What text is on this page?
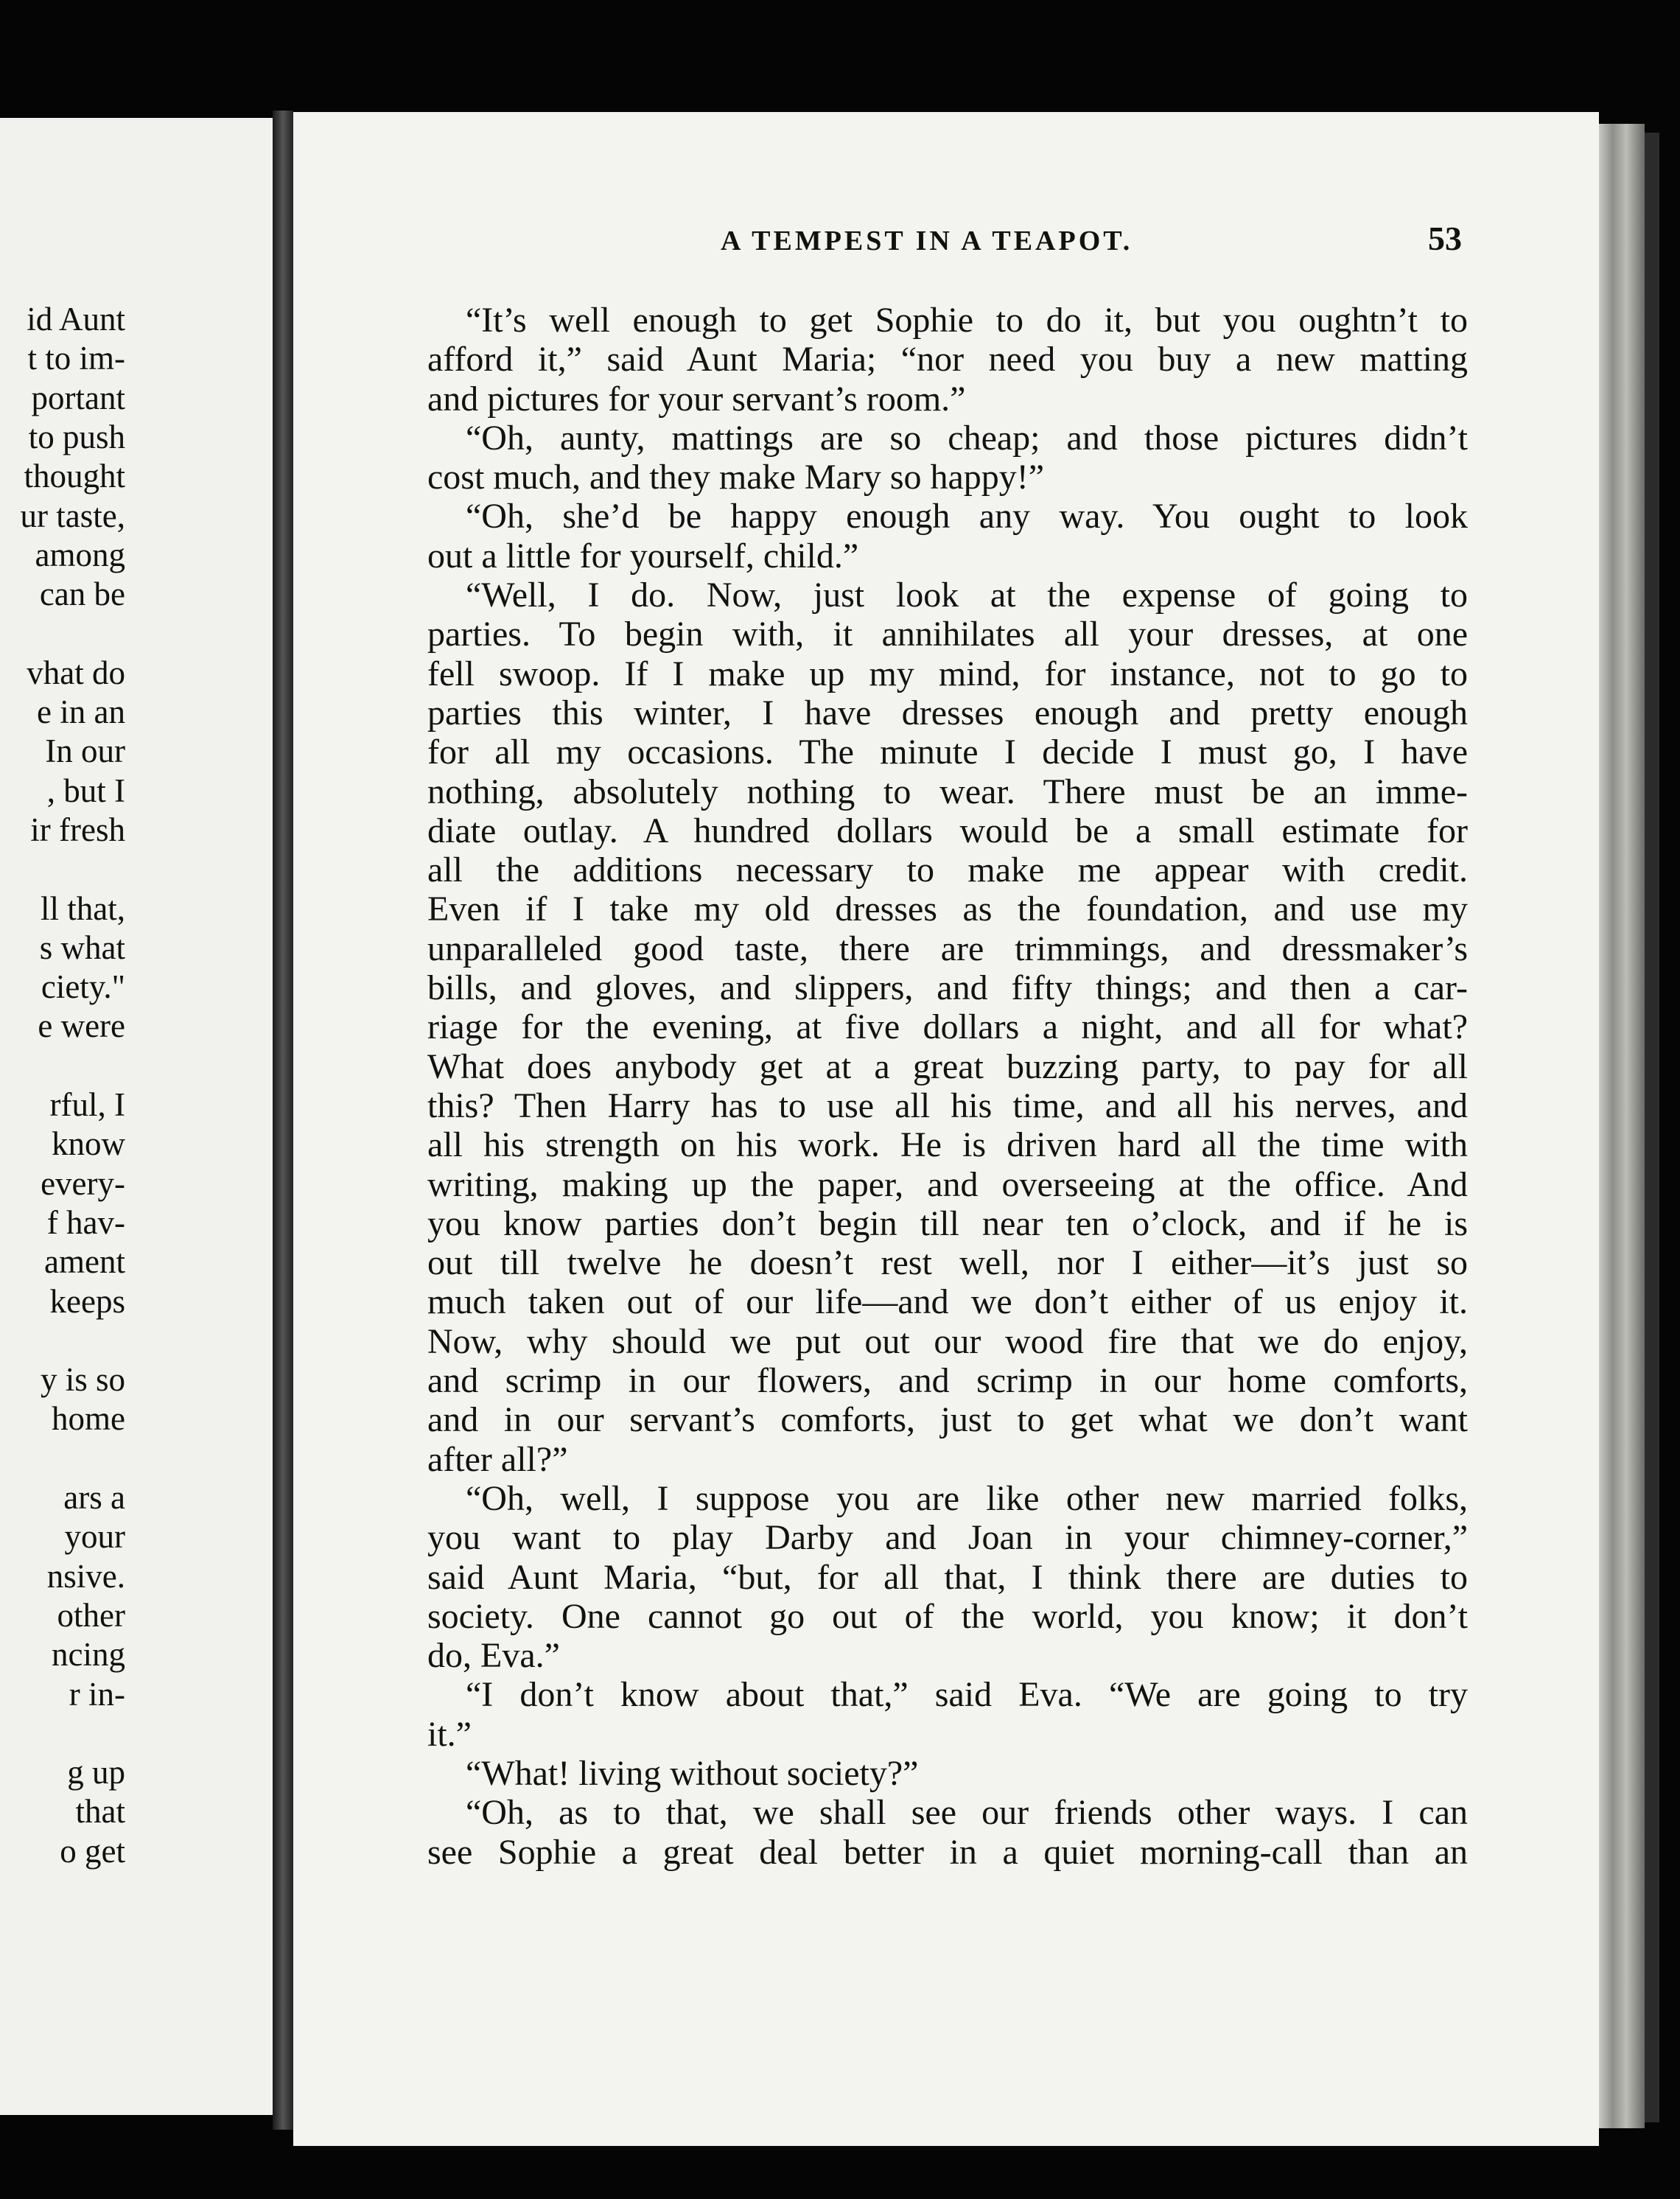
id Aunt
t to im-
portant
to push
thought
ur taste,
among
can be
vhat do
e in an
In our
, but I
ir fresh
ll that,
s what
ciety."
e were
rful, I
know
every-
f hav-
ament
keeps
y is so
home
ars a
your
nsive.
other
ncing
r in-
g up
that
o get
A TEMPEST IN A TEAPOT.	53
“It’s well enough to get Sophie to do it, but you oughtn’t to
afford it,” said Aunt Maria; “nor need you buy a new matting
and pictures for your servant’s room.”
“Oh, aunty, mattings are so cheap; and those pictures didn’t
cost much, and they make Mary so happy!”
“Oh, she’d be happy enough any way. You ought to look
out a little for yourself, child.”
“Well, I do. Now, just look at the expense of going to
parties. To begin with, it annihilates all your dresses, at one
fell swoop. If I make up my mind, for instance, not to go to
parties this winter, I have dresses enough and pretty enough
for all my occasions. The minute I decide I must go, I have
nothing, absolutely nothing to wear. There must be an imme-
diate outlay. A hundred dollars would be a small estimate for
all the additions necessary to make me appear with credit.
Even if I take my old dresses as the foundation, and use my
unparalleled good taste, there are trimmings, and dressmaker’s
bills, and gloves, and slippers, and fifty things; and then a car-
riage for the evening, at five dollars a night, and all for what?
What does anybody get at a great buzzing party, to pay for all
this? Then Harry has to use all his time, and all his nerves, and
all his strength on his work. He is driven hard all the time with
writing, making up the paper, and overseeing at the office. And
you know parties don’t begin till near ten o’clock, and if he is
out till twelve he doesn’t rest well, nor I either—it’s just so
much taken out of our life—and we don’t either of us enjoy it.
Now, why should we put out our wood fire that we do enjoy,
and scrimp in our flowers, and scrimp in our home comforts,
and in our servant’s comforts, just to get what we don’t want
after all?”
“Oh, well, I suppose you are like other new married folks,
you want to play Darby and Joan in your chimney-corner,”
said Aunt Maria, “but, for all that, I think there are duties to
society. One cannot go out of the world, you know; it don’t
do, Eva.”
“I don’t know about that,” said Eva. “We are going to try
it.”
“What! living without society?”
“Oh, as to that, we shall see our friends other ways. I can
see Sophie a great deal better in a quiet morning-call than an
